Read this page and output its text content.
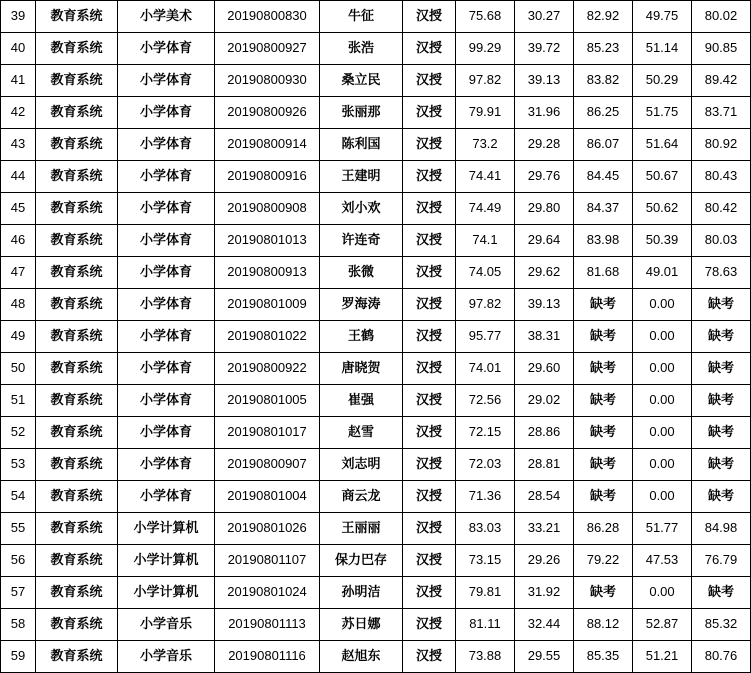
39	教育系统	小学美术	20190800830	牛征	汉授	75.68	30.27	82.92	49.75	80.02
40	教育系统	小学体育	20190800927	张浩	汉授	99.29	39.72	85.23	51.14	90.85
41	教育系统	小学体育	20190800930	桑立民	汉授	97.82	39.13	83.82	50.29	89.42
42	教育系统	小学体育	20190800926	张丽那	汉授	79.91	31.96	86.25	51.75	83.71
43	教育系统	小学体育	20190800914	陈利国	汉授	73.2	29.28	86.07	51.64	80.92
44	教育系统	小学体育	20190800916	王建明	汉授	74.41	29.76	84.45	50.67	80.43
45	教育系统	小学体育	20190800908	刘小欢	汉授	74.49	29.80	84.37	50.62	80.42
46	教育系统	小学体育	20190801013	许连奇	汉授	74.1	29.64	83.98	50.39	80.03
47	教育系统	小学体育	20190800913	张微	汉授	74.05	29.62	81.68	49.01	78.63
48	教育系统	小学体育	20190801009	罗海涛	汉授	97.82	39.13	缺考	0.00	缺考
49	教育系统	小学体育	20190801022	王鹤	汉授	95.77	38.31	缺考	0.00	缺考
50	教育系统	小学体育	20190800922	唐晓贺	汉授	74.01	29.60	缺考	0.00	缺考
51	教育系统	小学体育	20190801005	崔强	汉授	72.56	29.02	缺考	0.00	缺考
52	教育系统	小学体育	20190801017	赵雪	汉授	72.15	28.86	缺考	0.00	缺考
53	教育系统	小学体育	20190800907	刘志明	汉授	72.03	28.81	缺考	0.00	缺考
54	教育系统	小学体育	20190801004	商云龙	汉授	71.36	28.54	缺考	0.00	缺考
55	教育系统	小学计算机	20190801026	王丽丽	汉授	83.03	33.21	86.28	51.77	84.98
56	教育系统	小学计算机	20190801107	保力巴存	汉授	73.15	29.26	79.22	47.53	76.79
57	教育系统	小学计算机	20190801024	孙明洁	汉授	79.81	31.92	缺考	0.00	缺考
58	教育系统	小学音乐	20190801113	苏日娜	汉授	81.11	32.44	88.12	52.87	85.32
59	教育系统	小学音乐	20190801116	赵旭东	汉授	73.88	29.55	85.35	51.21	80.76
